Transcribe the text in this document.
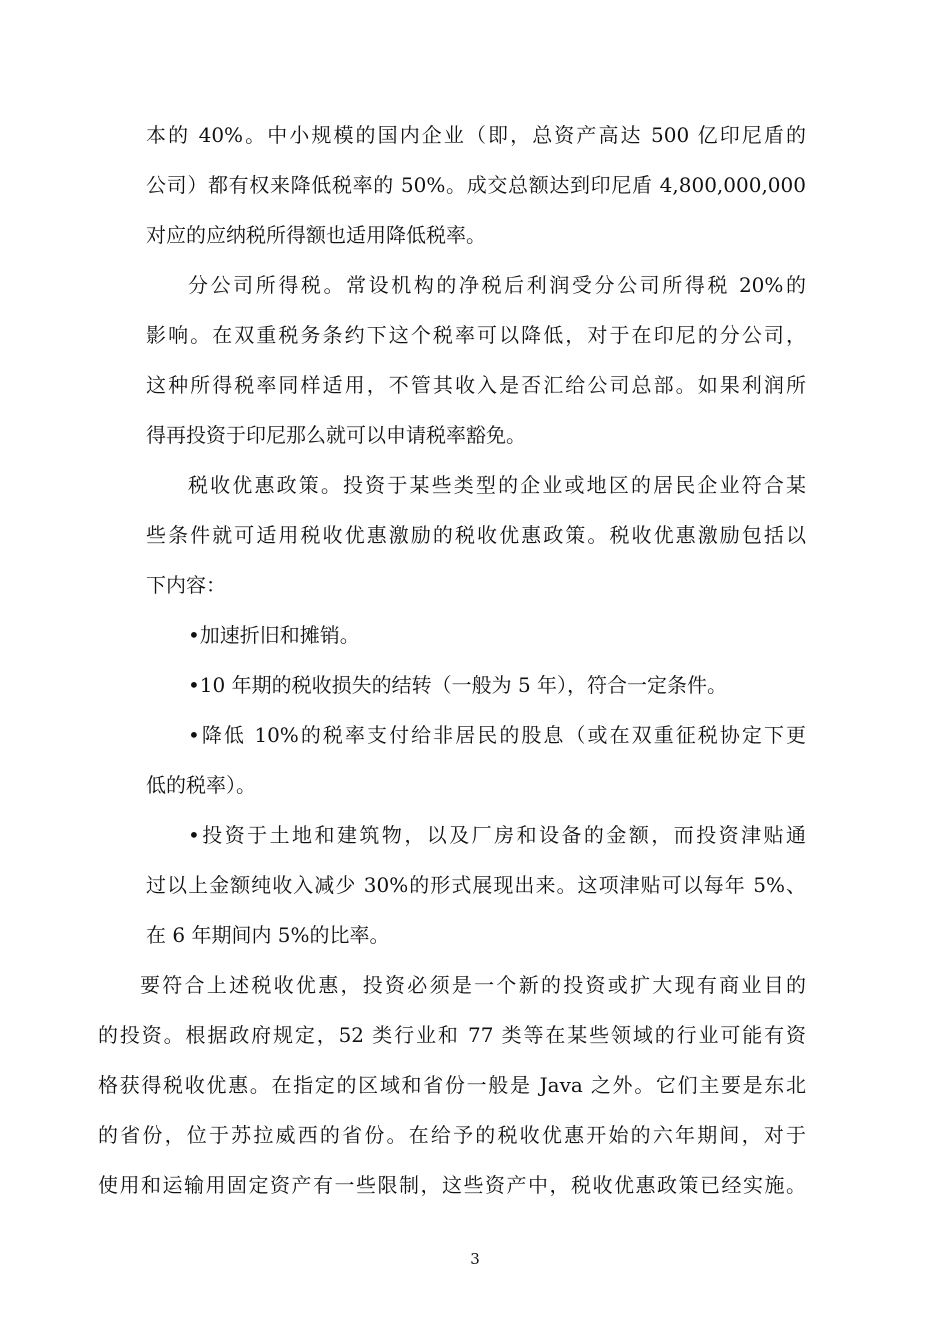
本的 40%。中小规模的国内企业（即，总资产高达 500 亿印尼盾的
公司）都有权来降低税率的 50%。成交总额达到印尼盾 4,800,000,000
对应的应纳税所得额也适用降低税率。
分公司所得税。常设机构的净税后利润受分公司所得税 20%的
影响。在双重税务条约下这个税率可以降低，对于在印尼的分公司，
这种所得税率同样适用，不管其收入是否汇给公司总部。如果利润所
得再投资于印尼那么就可以申请税率豁免。
税收优惠政策。投资于某些类型的企业或地区的居民企业符合某
些条件就可适用税收优惠激励的税收优惠政策。税收优惠激励包括以
下内容：
•加速折旧和摊销。
•10 年期的税收损失的结转（一般为 5 年），符合一定条件。
•降低 10%的税率支付给非居民的股息（或在双重征税协定下更
低的税率）。
•投资于土地和建筑物，以及厂房和设备的金额，而投资津贴通
过以上金额纯收入减少 30%的形式展现出来。这项津贴可以每年 5%、
在 6 年期间内 5%的比率。
要符合上述税收优惠，投资必须是一个新的投资或扩大现有商业目的
的投资。根据政府规定，52 类行业和 77 类等在某些领域的行业可能有资
格获得税收优惠。在指定的区域和省份一般是 Java 之外。它们主要是东北
的省份，位于苏拉威西的省份。在给予的税收优惠开始的六年期间，对于
使用和运输用固定资产有一些限制，这些资产中，税收优惠政策已经实施。
3
